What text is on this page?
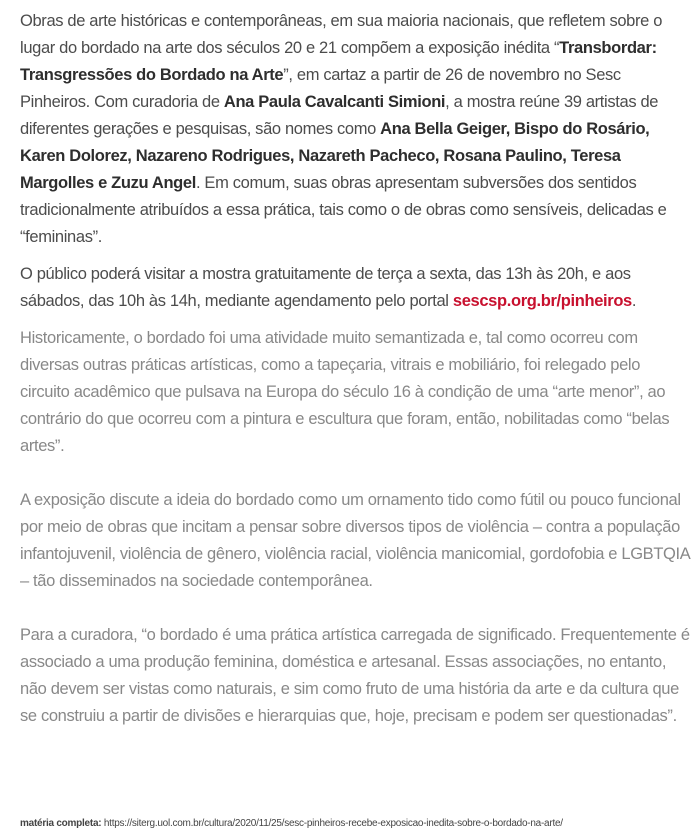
Obras de arte históricas e contemporâneas, em sua maioria nacionais, que refletem sobre o lugar do bordado na arte dos séculos 20 e 21 compõem a exposição inédita “Transbordar: Transgressões do Bordado na Arte”, em cartaz a partir de 26 de novembro no Sesc Pinheiros. Com curadoria de Ana Paula Cavalcanti Simioni, a mostra reúne 39 artistas de diferentes gerações e pesquisas, são nomes como Ana Bella Geiger, Bispo do Rosário, Karen Dolorez, Nazareno Rodrigues, Nazareth Pacheco, Rosana Paulino, Teresa Margolles e Zuzu Angel. Em comum, suas obras apresentam subversões dos sentidos tradicionalmente atribuídos a essa prática, tais como o de obras como sensíveis, delicadas e “femininas”.

O público poderá visitar a mostra gratuitamente de terça a sexta, das 13h às 20h, e aos sábados, das 10h às 14h, mediante agendamento pelo portal sescsp.org.br/pinheiros.

Historicamente, o bordado foi uma atividade muito semantizada e, tal como ocorreu com diversas outras práticas artísticas, como a tapeçaria, vitrais e mobiliário, foi relegado pelo circuito acadêmico que pulsava na Europa do século 16 à condição de uma “arte menor”, ao contrário do que ocorreu com a pintura e escultura que foram, então, nobilitadas como “belas artes”.

A exposição discute a ideia do bordado como um ornamento tido como fútil ou pouco funcional por meio de obras que incitam a pensar sobre diversos tipos de violência – contra a população infantojuvenil, violência de gênero, violência racial, violência manicomial, gordofobia e LGBTQIA – tão disseminados na sociedade contemporânea.

Para a curadora, “o bordado é uma prática artística carregada de significado. Frequentemente é associado a uma produção feminina, doméstica e artesanal. Essas associações, no entanto, não devem ser vistas como naturais, e sim como fruto de uma história da arte e da cultura que se construiu a partir de divisões e hierarquias que, hoje, precisam e podem ser questionadas”.

matéria completa: https://siterg.uol.com.br/cultura/2020/11/25/sesc-pinheiros-recebe-exposicao-inedita-sobre-o-bordado-na-arte/
